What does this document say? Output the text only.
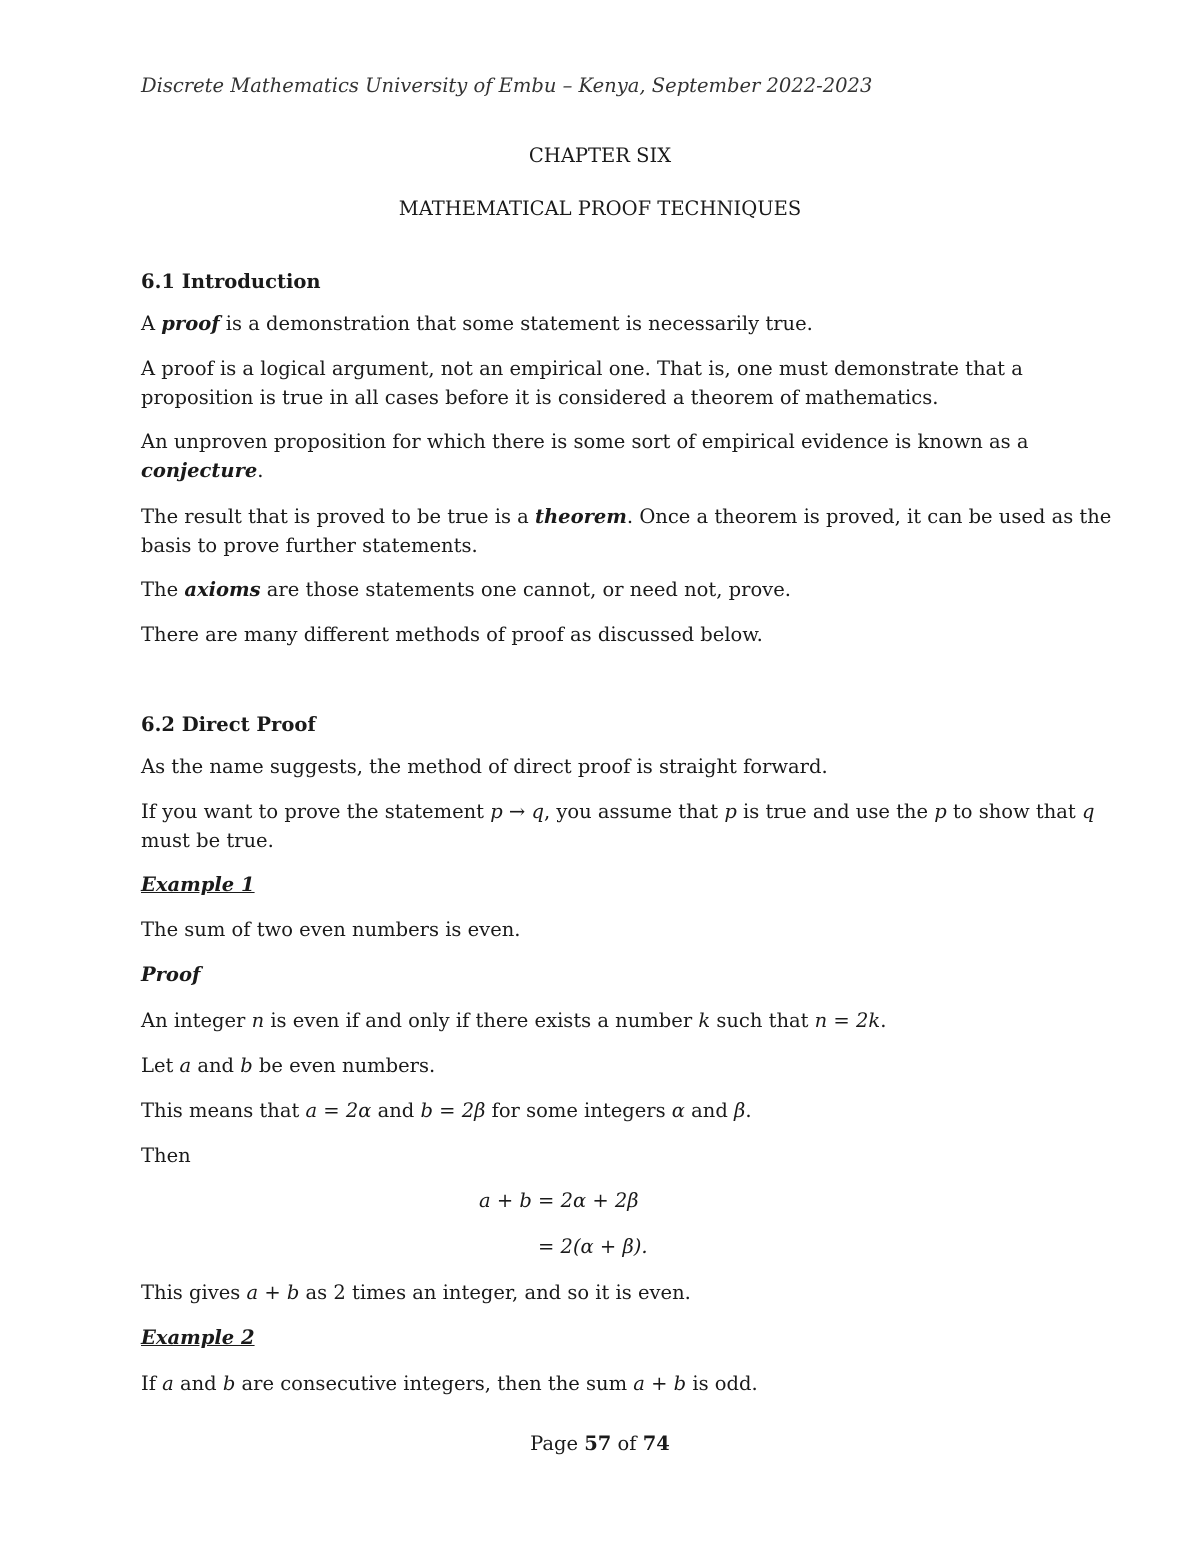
Discrete Mathematics University of Embu – Kenya, September 2022-2023
CHAPTER SIX
MATHEMATICAL PROOF TECHNIQUES
6.1 Introduction
A proof is a demonstration that some statement is necessarily true.
A proof is a logical argument, not an empirical one. That is, one must demonstrate that a
proposition is true in all cases before it is considered a theorem of mathematics.
An unproven proposition for which there is some sort of empirical evidence is known as a
conjecture.
The result that is proved to be true is a theorem. Once a theorem is proved, it can be used as the
basis to prove further statements.
The axioms are those statements one cannot, or need not, prove.
There are many different methods of proof as discussed below.
6.2 Direct Proof
As the name suggests, the method of direct proof is straight forward.
If you want to prove the statement p → q, you assume that p is true and use the p to show that q
must be true.
Example 1
The sum of two even numbers is even.
Proof
An integer n is even if and only if there exists a number k such that n = 2k.
Let a and b be even numbers.
This means that a = 2α and b = 2β for some integers α and β.
Then
a + b = 2α + 2β
= 2(α + β).
This gives a + b as 2 times an integer, and so it is even.
Example 2
If a and b are consecutive integers, then the sum a + b is odd.
Page 57 of 74
